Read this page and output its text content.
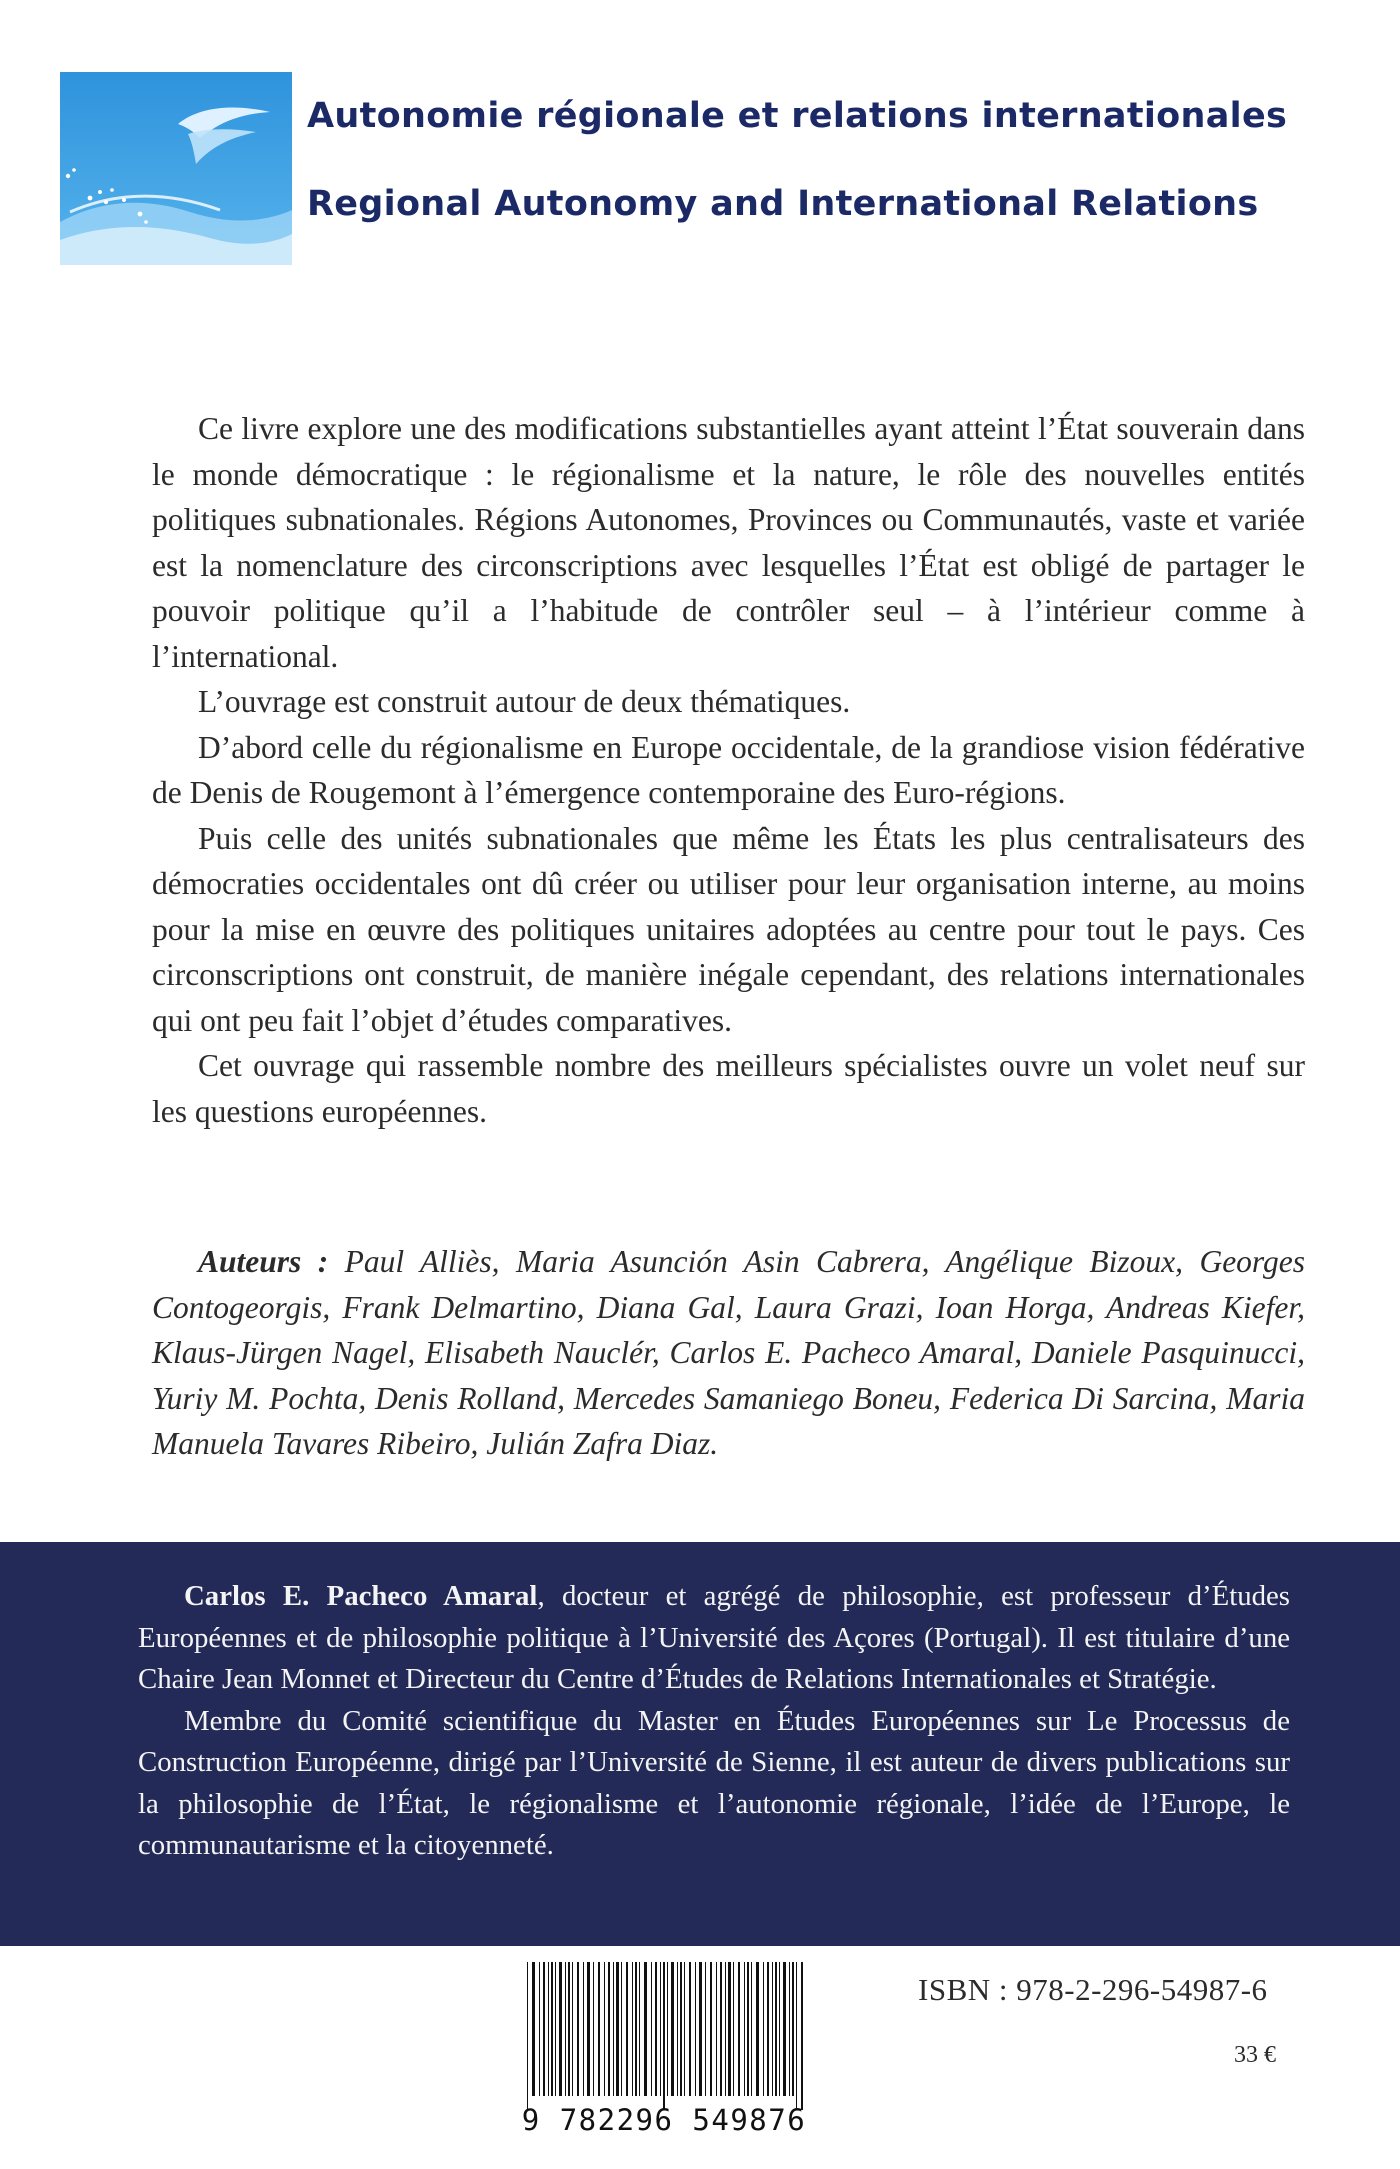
Autonomie régionale et relations internationales
Regional Autonomy and International Relations

Ce livre explore une des modifications substantielles ayant atteint l’État souverain dans le monde démocratique : le régionalisme et la nature, le rôle des nouvelles entités politiques subnationales. Régions Autonomes, Provinces ou Communautés, vaste et variée est la nomenclature des circonscriptions avec lesquelles l’État est obligé de partager le pouvoir politique qu’il a l’habitude de contrôler seul – à l’intérieur comme à l’international.

L’ouvrage est construit autour de deux thématiques.

D’abord celle du régionalisme en Europe occidentale, de la grandiose vision fédérative de Denis de Rougemont à l’émergence contemporaine des Euro-régions.

Puis celle des unités subnationales que même les États les plus centralisateurs des démocraties occidentales ont dû créer ou utiliser pour leur organisation interne, au moins pour la mise en œuvre des politiques unitaires adoptées au centre pour tout le pays. Ces circonscriptions ont construit, de manière inégale cependant, des relations internationales qui ont peu fait l’objet d’études comparatives.

Cet ouvrage qui rassemble nombre des meilleurs spécialistes ouvre un volet neuf sur les questions européennes.

Auteurs : Paul Alliès, Maria Asunción Asin Cabrera, Angélique Bizoux, Georges Contogeorgis, Frank Delmartino, Diana Gal, Laura Grazi, Ioan Horga, Andreas Kiefer, Klaus-Jürgen Nagel, Elisabeth Nauclér, Carlos E. Pacheco Amaral, Daniele Pasquinucci, Yuriy M. Pochta, Denis Rolland, Mercedes Samaniego Boneu, Federica Di Sarcina, Maria Manuela Tavares Ribeiro, Julián Zafra Diaz.

Carlos E. Pacheco Amaral, docteur et agrégé de philosophie, est professeur d’Études Européennes et de philosophie politique à l’Université des Açores (Portugal). Il est titulaire d’une Chaire Jean Monnet et Directeur du Centre d’Études de Relations Internationales et Stratégie.

Membre du Comité scientifique du Master en Études Européennes sur Le Processus de Construction Européenne, dirigé par l’Université de Sienne, il est auteur de divers publications sur la philosophie de l’État, le régionalisme et l’autonomie régionale, l’idée de l’Europe, le communautarisme et la citoyenneté.

9 782296 549876
ISBN : 978-2-296-54987-6
33 €
